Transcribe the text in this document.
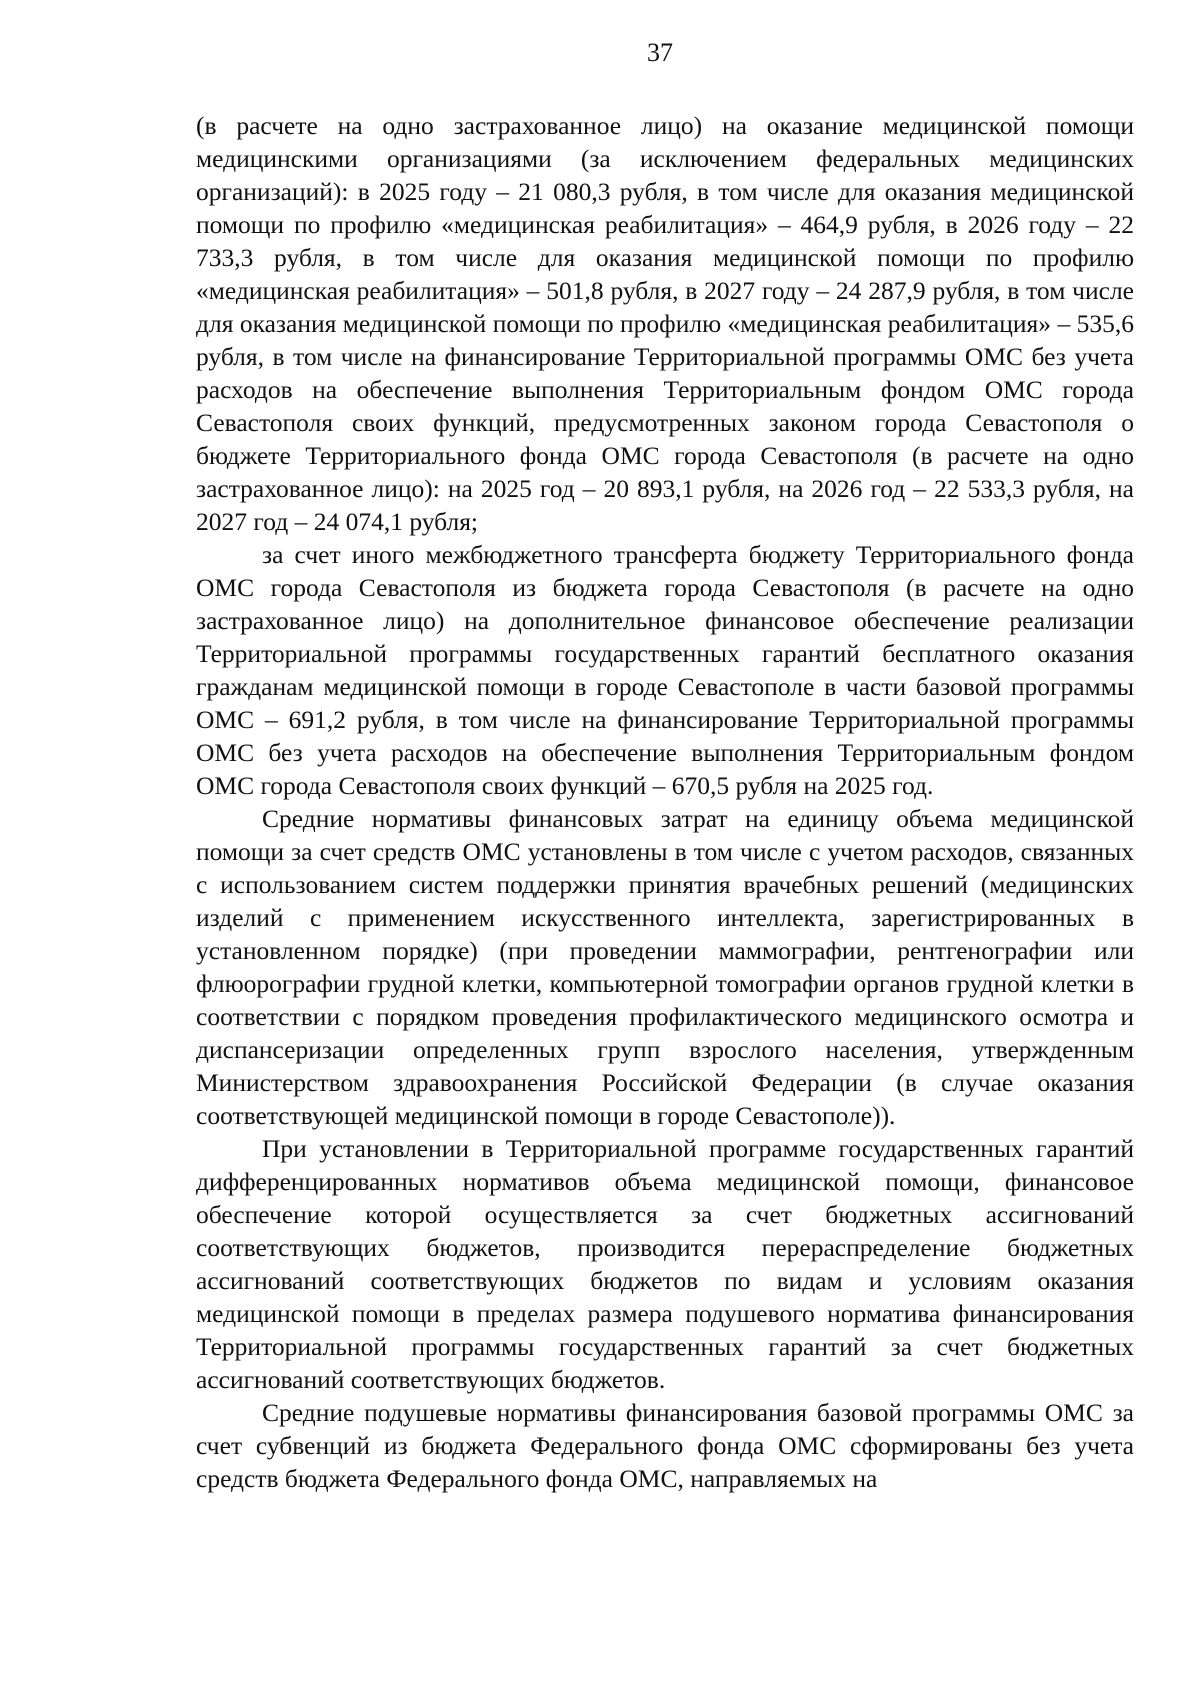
37

(в расчете на одно застрахованное лицо) на оказание медицинской помощи медицинскими организациями (за исключением федеральных медицинских организаций): в 2025 году – 21 080,3 рубля, в том числе для оказания медицинской помощи по профилю «медицинская реабилитация» – 464,9 рубля, в 2026 году – 22 733,3 рубля, в том числе для оказания медицинской помощи по профилю «медицинская реабилитация» – 501,8 рубля, в 2027 году – 24 287,9 рубля, в том числе для оказания медицинской помощи по профилю «медицинская реабилитация» – 535,6 рубля, в том числе на финансирование Территориальной программы ОМС без учета расходов на обеспечение выполнения Территориальным фондом ОМС города Севастополя своих функций, предусмотренных законом города Севастополя о бюджете Территориального фонда ОМС города Севастополя (в расчете на одно застрахованное лицо): на 2025 год – 20 893,1 рубля, на 2026 год – 22 533,3 рубля, на 2027 год – 24 074,1 рубля;

за счет иного межбюджетного трансферта бюджету Территориального фонда ОМС города Севастополя из бюджета города Севастополя (в расчете на одно застрахованное лицо) на дополнительное финансовое обеспечение реализации Территориальной программы государственных гарантий бесплатного оказания гражданам медицинской помощи в городе Севастополе в части базовой программы ОМС – 691,2 рубля, в том числе на финансирование Территориальной программы ОМС без учета расходов на обеспечение выполнения Территориальным фондом ОМС города Севастополя своих функций – 670,5 рубля на 2025 год.

Средние нормативы финансовых затрат на единицу объема медицинской помощи за счет средств ОМС установлены в том числе с учетом расходов, связанных с использованием систем поддержки принятия врачебных решений (медицинских изделий с применением искусственного интеллекта, зарегистрированных в установленном порядке) (при проведении маммографии, рентгенографии или флюорографии грудной клетки, компьютерной томографии органов грудной клетки в соответствии с порядком проведения профилактического медицинского осмотра и диспансеризации определенных групп взрослого населения, утвержденным Министерством здравоохранения Российской Федерации (в случае оказания соответствующей медицинской помощи в городе Севастополе)).

При установлении в Территориальной программе государственных гарантий дифференцированных нормативов объема медицинской помощи, финансовое обеспечение которой осуществляется за счет бюджетных ассигнований соответствующих бюджетов, производится перераспределение бюджетных ассигнований соответствующих бюджетов по видам и условиям оказания медицинской помощи в пределах размера подушевого норматива финансирования Территориальной программы государственных гарантий за счет бюджетных ассигнований соответствующих бюджетов.

Средние подушевые нормативы финансирования базовой программы ОМС за счет субвенций из бюджета Федерального фонда ОМС сформированы без учета средств бюджета Федерального фонда ОМС, направляемых на
